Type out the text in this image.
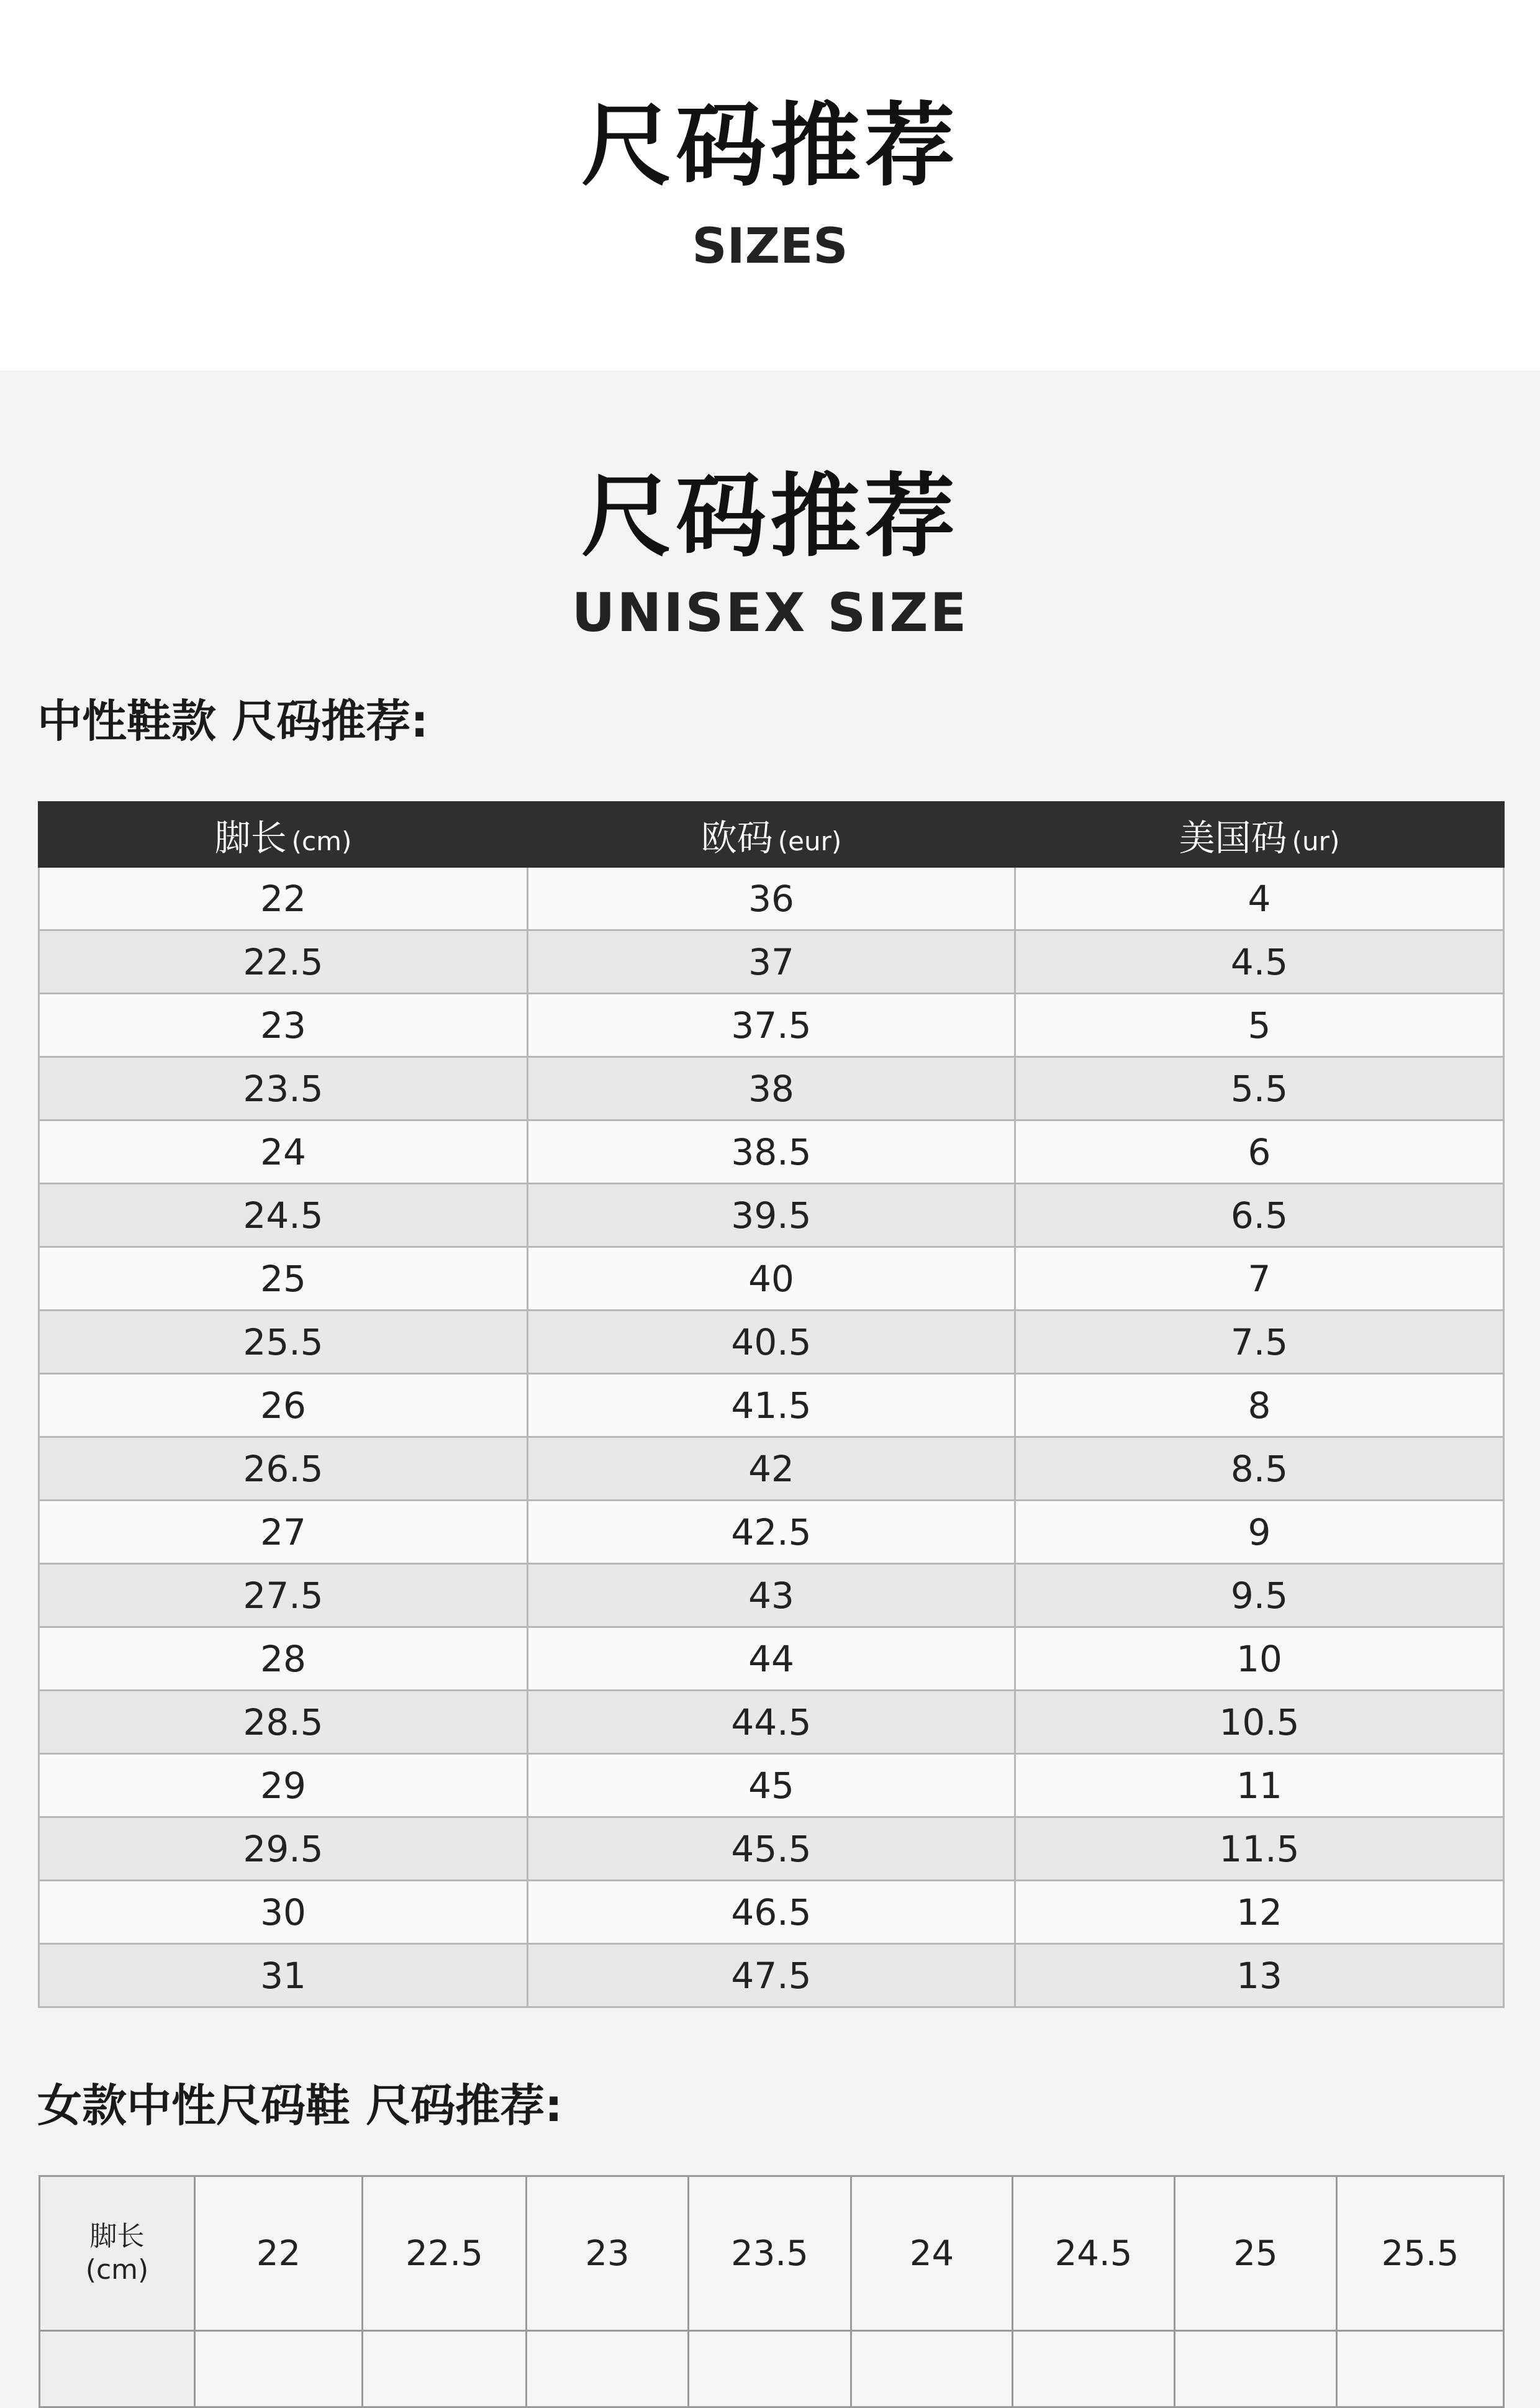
尺码推荐
SIZES
尺码推荐
UNISEX SIZE
中性鞋款 尺码推荐:
脚长 (cm)	欧码 (eur)	美国码 (ur)
22	36	4
22.5	37	4.5
23	37.5	5
23.5	38	5.5
24	38.5	6
24.5	39.5	6.5
25	40	7
25.5	40.5	7.5
26	41.5	8
26.5	42	8.5
27	42.5	9
27.5	43	9.5
28	44	10
28.5	44.5	10.5
29	45	11
29.5	45.5	11.5
30	46.5	12
31	47.5	13
女款中性尺码鞋 尺码推荐:
脚长
(cm)	22	22.5	23	23.5	24	24.5	25	25.5
